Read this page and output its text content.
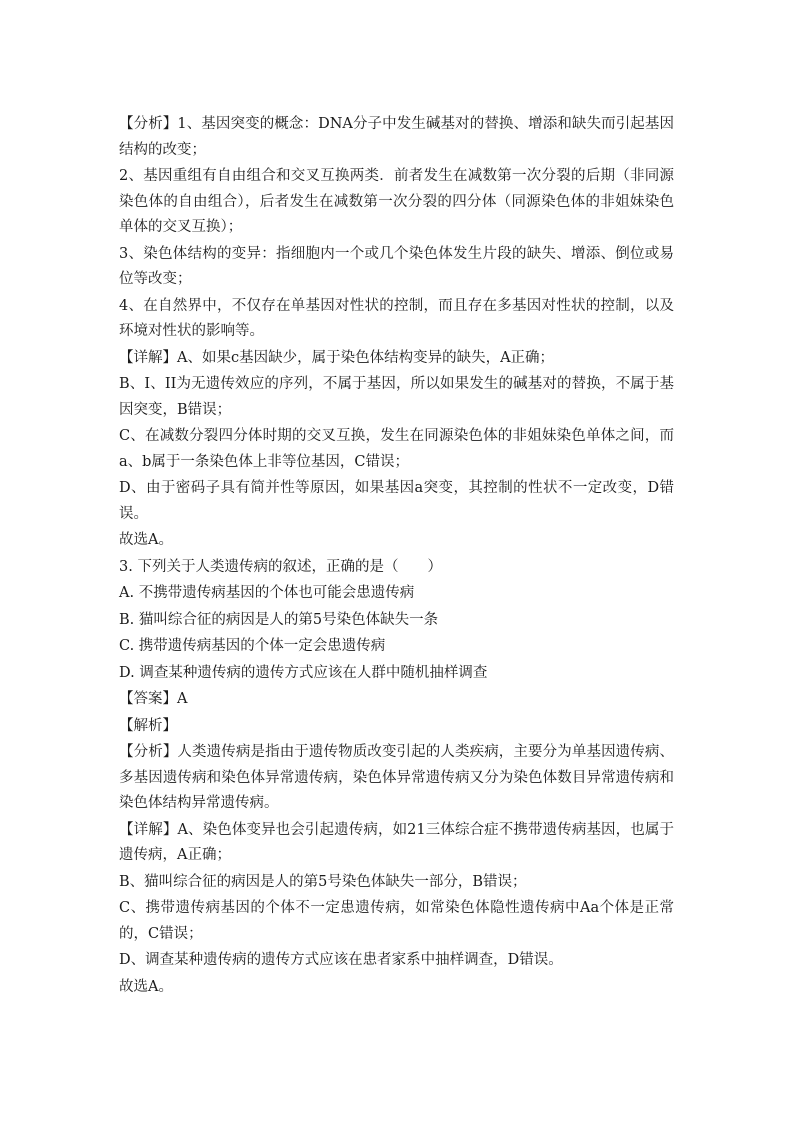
【分析】1、基因突变的概念：DNA分子中发生碱基对的替换、增添和缺失而引起基因结构的改变；

2、基因重组有自由组合和交叉互换两类．前者发生在减数第一次分裂的后期（非同源染色体的自由组合），后者发生在减数第一次分裂的四分体（同源染色体的非姐妹染色单体的交叉互换）；

3、染色体结构的变异：指细胞内一个或几个染色体发生片段的缺失、增添、倒位或易位等改变；

4、在自然界中，不仅存在单基因对性状的控制，而且存在多基因对性状的控制，以及环境对性状的影响等。

【详解】A、如果c基因缺少，属于染色体结构变异的缺失，A正确；

B、I、II为无遗传效应的序列，不属于基因，所以如果发生的碱基对的替换，不属于基因突变，B错误；

C、在减数分裂四分体时期的交叉互换，发生在同源染色体的非姐妹染色单体之间，而a、b属于一条染色体上非等位基因，C错误；

D、由于密码子具有简并性等原因，如果基因a突变，其控制的性状不一定改变，D错误。

故选A。

3. 下列关于人类遗传病的叙述，正确的是（　　）

A. 不携带遗传病基因的个体也可能会患遗传病

B. 猫叫综合征的病因是人的第5号染色体缺失一条

C. 携带遗传病基因的个体一定会患遗传病

D. 调查某种遗传病的遗传方式应该在人群中随机抽样调查

【答案】A

【解析】

【分析】人类遗传病是指由于遗传物质改变引起的人类疾病，主要分为单基因遗传病、多基因遗传病和染色体异常遗传病，染色体异常遗传病又分为染色体数目异常遗传病和染色体结构异常遗传病。

【详解】A、染色体变异也会引起遗传病，如21三体综合症不携带遗传病基因，也属于遗传病，A正确；

B、猫叫综合征的病因是人的第5号染色体缺失一部分，B错误；

C、携带遗传病基因的个体不一定患遗传病，如常染色体隐性遗传病中Aa个体是正常的，C错误；

D、调查某种遗传病的遗传方式应该在患者家系中抽样调查，D错误。

故选A。
